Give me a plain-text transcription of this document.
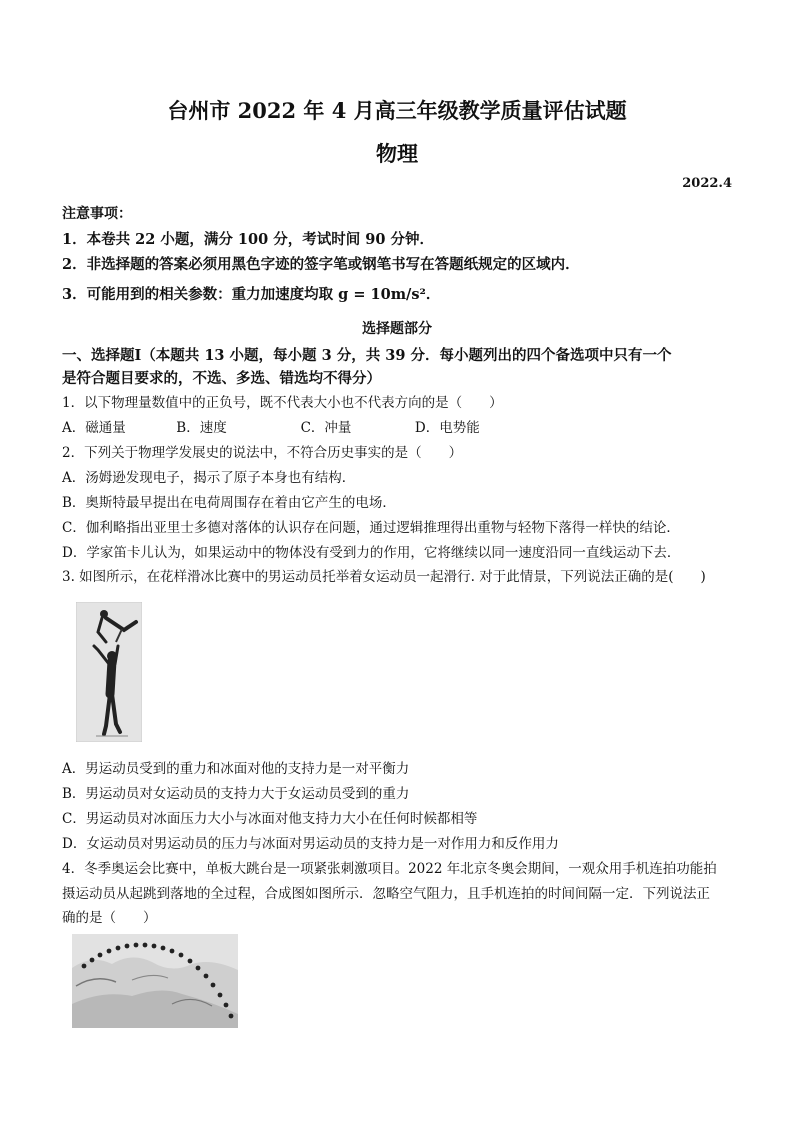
台州市 2022 年 4 月高三年级教学质量评估试题
物理
2022.4
注意事项：
1．本卷共 22 小题，满分 100 分，考试时间 90 分钟．
2．非选择题的答案必须用黑色字迹的签字笔或钢笔书写在答题纸规定的区域内．
3．可能用到的相关参数：重力加速度均取 g = 10m/s²．
选择题部分
一、选择题Ⅰ（本题共 13 小题，每小题 3 分，共 39 分．每小题列出的四个备选项中只有一个
是符合题目要求的，不选、多选、错选均不得分）
1．以下物理量数值中的正负号，既不代表大小也不代表方向的是（　　）
A．磁通量	B．速度	C．冲量	D．电势能
2．下列关于物理学发展史的说法中，不符合历史事实的是（　　）
A．汤姆逊发现电子，揭示了原子本身也有结构．
B．奥斯特最早提出在电荷周围存在着由它产生的电场．
C．伽利略指出亚里士多德对落体的认识存在问题，通过逻辑推理得出重物与轻物下落得一样快的结论．
D．学家笛卡儿认为，如果运动中的物体没有受到力的作用，它将继续以同一速度沿同一直线运动下去．
3. 如图所示，在花样滑冰比赛中的男运动员托举着女运动员一起滑行. 对于此情景，下列说法正确的是(　　)
A．男运动员受到的重力和冰面对他的支持力是一对平衡力
B．男运动员对女运动员的支持力大于女运动员受到的重力
C．男运动员对冰面压力大小与冰面对他支持力大小在任何时候都相等
D．女运动员对男运动员的压力与冰面对男运动员的支持力是一对作用力和反作用力
4．冬季奥运会比赛中，单板大跳台是一项紧张刺激项目。2022 年北京冬奥会期间，一观众用手机连拍功能拍
摄运动员从起跳到落地的全过程，合成图如图所示．忽略空气阻力，且手机连拍的时间间隔一定．下列说法正
确的是（　　）
